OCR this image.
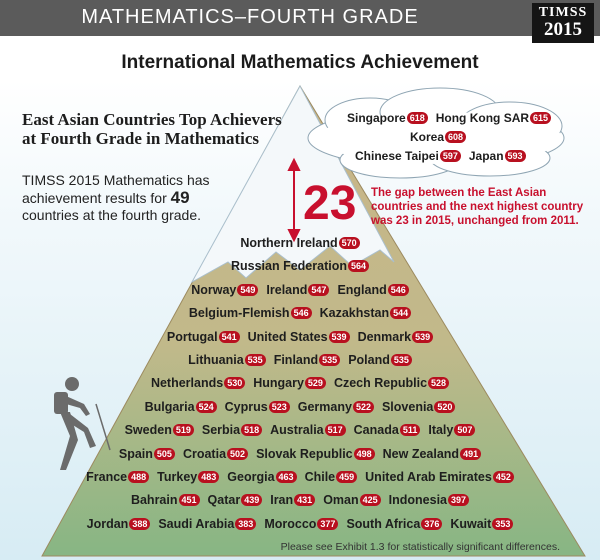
MATHEMATICS–FOURTH GRADE	TIMSS
2015
International Mathematics Achievement
East Asian Countries Top Achievers at Fourth Grade in Mathematics
TIMSS 2015 Mathematics has achievement results for 49 countries at the fourth grade.
Singapore 618 Hong Kong SAR 615
Korea 608
Chinese Taipei 597 Japan 593
23 The gap between the East Asian countries and the next highest country was 23 in 2015, unchanged from 2011.
Northern Ireland 570
Russian Federation 564
Norway 549 Ireland 547 England 546
Belgium-Flemish 546 Kazakhstan 544
Portugal 541 United States 539 Denmark 539
Lithuania 535 Finland 535 Poland 535
Netherlands 530 Hungary 529 Czech Republic 528
Bulgaria 524 Cyprus 523 Germany 522 Slovenia 520
Sweden 519 Serbia 518 Australia 517 Canada 511 Italy 507
Spain 505 Croatia 502 Slovak Republic 498 New Zealand 491
France 488 Turkey 483 Georgia 463 Chile 459 United Arab Emirates 452
Bahrain 451 Qatar 439 Iran 431 Oman 425 Indonesia 397
Jordan 388 Saudi Arabia 383 Morocco 377 South Africa 376 Kuwait 353
Please see Exhibit 1.3 for statistically significant differences.
